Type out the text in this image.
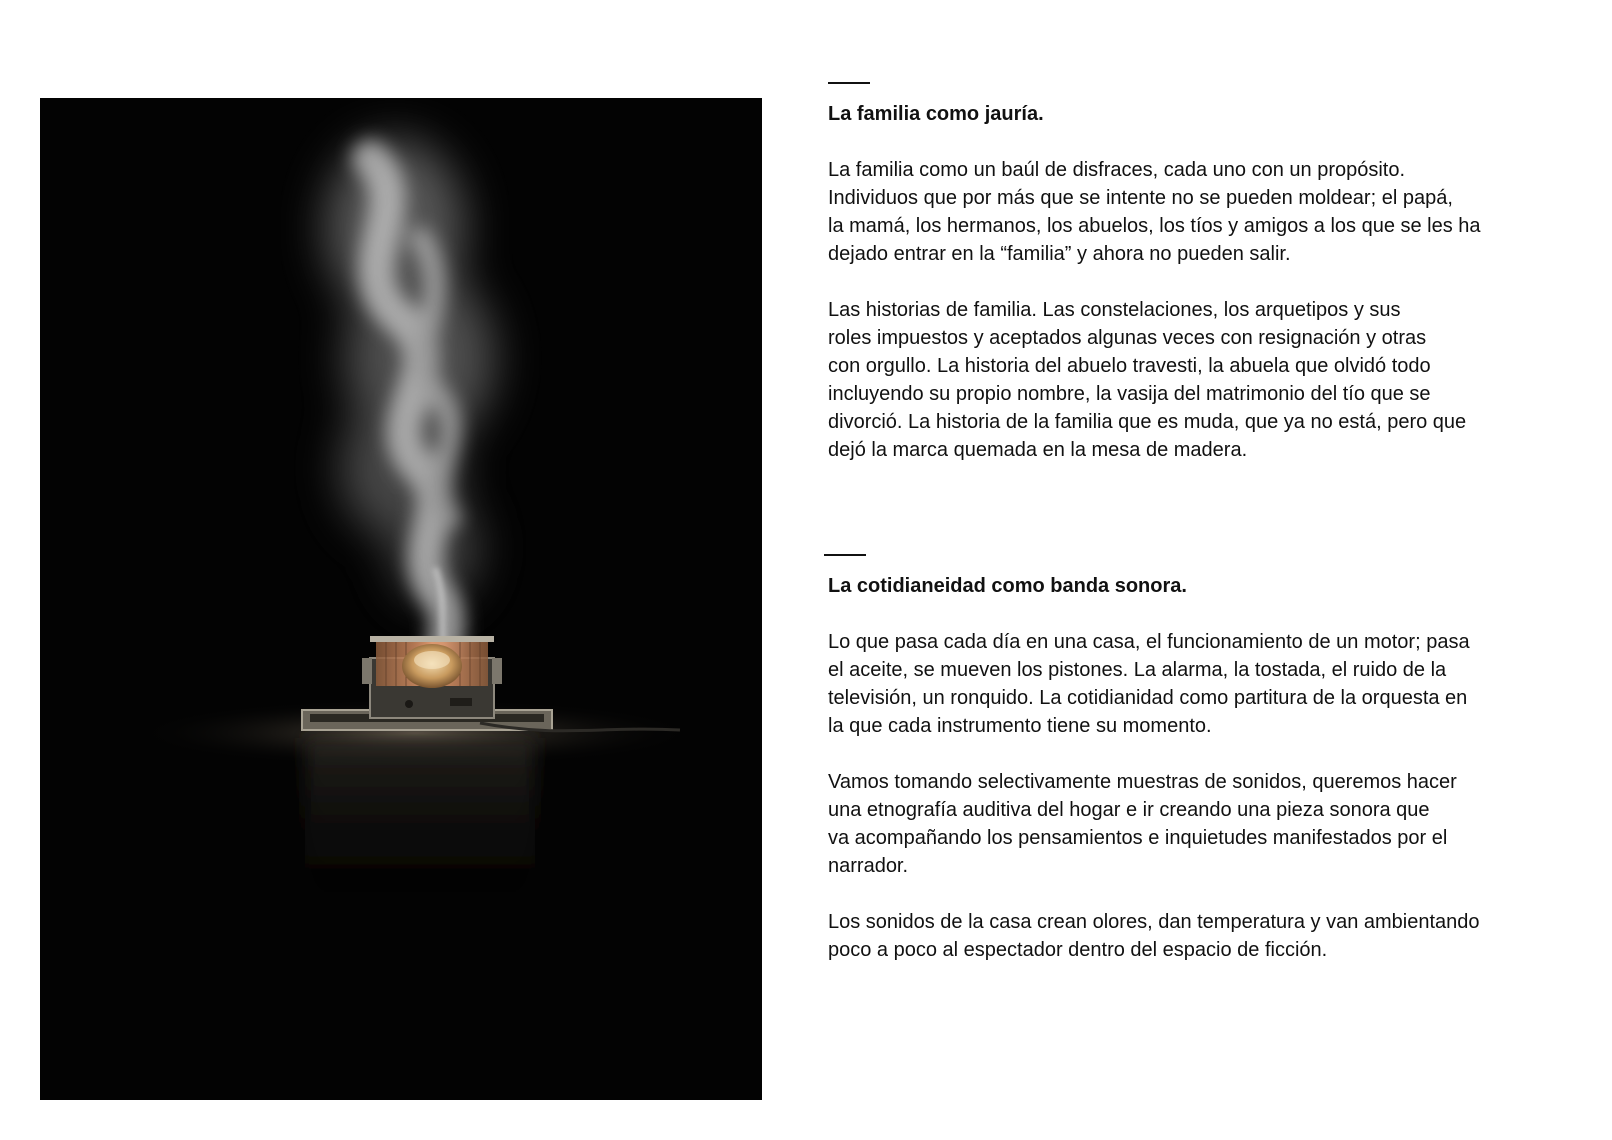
La familia como jauría.
La familia como un baúl de disfraces, cada uno con un propósito.
Individuos que por más que se intente no se pueden moldear; el papá,
la mamá, los hermanos, los abuelos, los tíos y amigos a los que se les ha
dejado entrar en la “familia” y ahora no pueden salir.
Las historias de familia. Las constelaciones, los arquetipos y sus
roles impuestos y aceptados algunas veces con resignación y otras
con orgullo. La historia del abuelo travesti, la abuela que olvidó todo
incluyendo su propio nombre, la vasija del matrimonio del tío que se
divorció. La historia de la familia que es muda, que ya no está, pero que
dejó la marca quemada en la mesa de madera.
La cotidianeidad como banda sonora.
Lo que pasa cada día en una casa, el funcionamiento de un motor; pasa
el aceite, se mueven los pistones. La alarma, la tostada, el ruido de la
televisión, un ronquido. La cotidianidad como partitura de la orquesta en
la que cada instrumento tiene su momento.
Vamos tomando selectivamente muestras de sonidos, queremos hacer
una etnografía auditiva del hogar e ir creando una pieza sonora que
va acompañando los pensamientos e inquietudes manifestados por el
narrador.
Los sonidos de la casa crean olores, dan temperatura y van ambientando
poco a poco al espectador dentro del espacio de ficción.
